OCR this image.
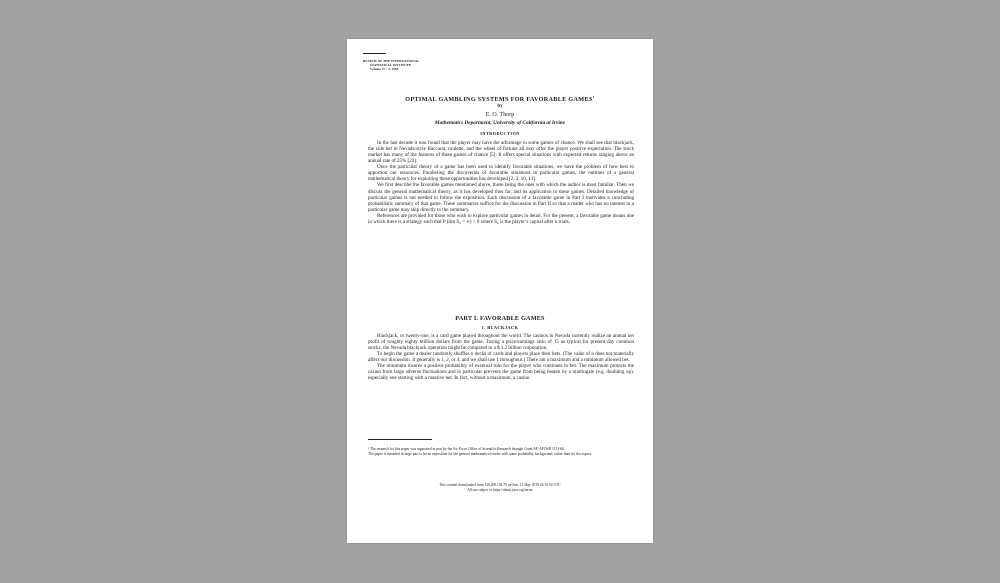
REVIEW OF THE INTERNATIONAL
STATISTICAL INSTITUTE
Volume 37 : 3, 1969
OPTIMAL GAMBLING SYSTEMS FOR FAVORABLE GAMES$^1$
by
E. O. Thorp
Mathematics Department, University of California at Irvine
INTRODUCTION

In the last decade it was found that the player may have the advantage in some games of chance. We shall see that blackjack, the side bet in Nevada-style Baccarat, roulette, and the wheel of fortune all may offer the player positive expectation. The stock market has many of the features of these games of chance [5]. It offers special situations with expected returns ranging above an annual rate of 25% [23].

Once the particular theory of a game has been used to identify favorable situations, we have the problem of how best to apportion our resources. Paralleling the discoveries of favorable situations in particular games, the outlines of a general mathematical theory for exploiting these opportunities has developed [2, 3, 10, 13].

We first describe the favorable games mentioned above, those being the ones with which the author is most familiar. Then we discuss the general mathematical theory, as it has developed thus far, and its application to these games. Detailed knowledge of particular games is not needed to follow the exposition. Each discussion of a favorable game in Part I motivates a concluding probabilistic summary of that game. These summaries suffice for the discussion in Part II so that a reader who has no interest in a particular game may skip directly to the summary.

References are provided for those who wish to explore particular games in detail. For the present, a favorable game means one in which there is a strategy such that P (lim $S_n$ = ∞) > 0 where $S_n$ is the player’s capital after n trials.

PART I. FAVORABLE GAMES
1. BLACKJACK

Blackjack, or twenty-one, is a card game played throughout the world. The casinos in Nevada currently realize an annual net profit of roughly eighty million dollars from the game. Taxing a price/earnings ratio of 15 as typical for present day common stocks, the Nevada blackjack operation might be compared to a $ 1.2 billion corporation.

To begin the game a dealer randomly shuffles n decks of cards and players place their bets. (The value of n does not materially affect our discussion. It generally is 1, 2, or 4, and we shall use 1 throughout.) There are a maximum and a minimum allowed bet.

The minimum insures a positive probability of eventual ruin for the player who continues to bet. The maximum protects the casino from large adverse fluctuations and in particular prevents the game from being beaten by a martingale (e.g. doubling up), especially one starting with a massive bet. In fact, without a maximum, a casino

¹ The research for this paper was supported in part by the Air Force Office of Scientific Research through Grant AF-AFOSR 1113-66.

The paper is intended in large part to be an exposition for the general mathematical reader with some probability background, rather than for the expert.

This content downloaded from 128.200.102.79 on Sun, 12 May 2019 22:15:54 UTC
All use subject to https://about.jstor.org/terms
